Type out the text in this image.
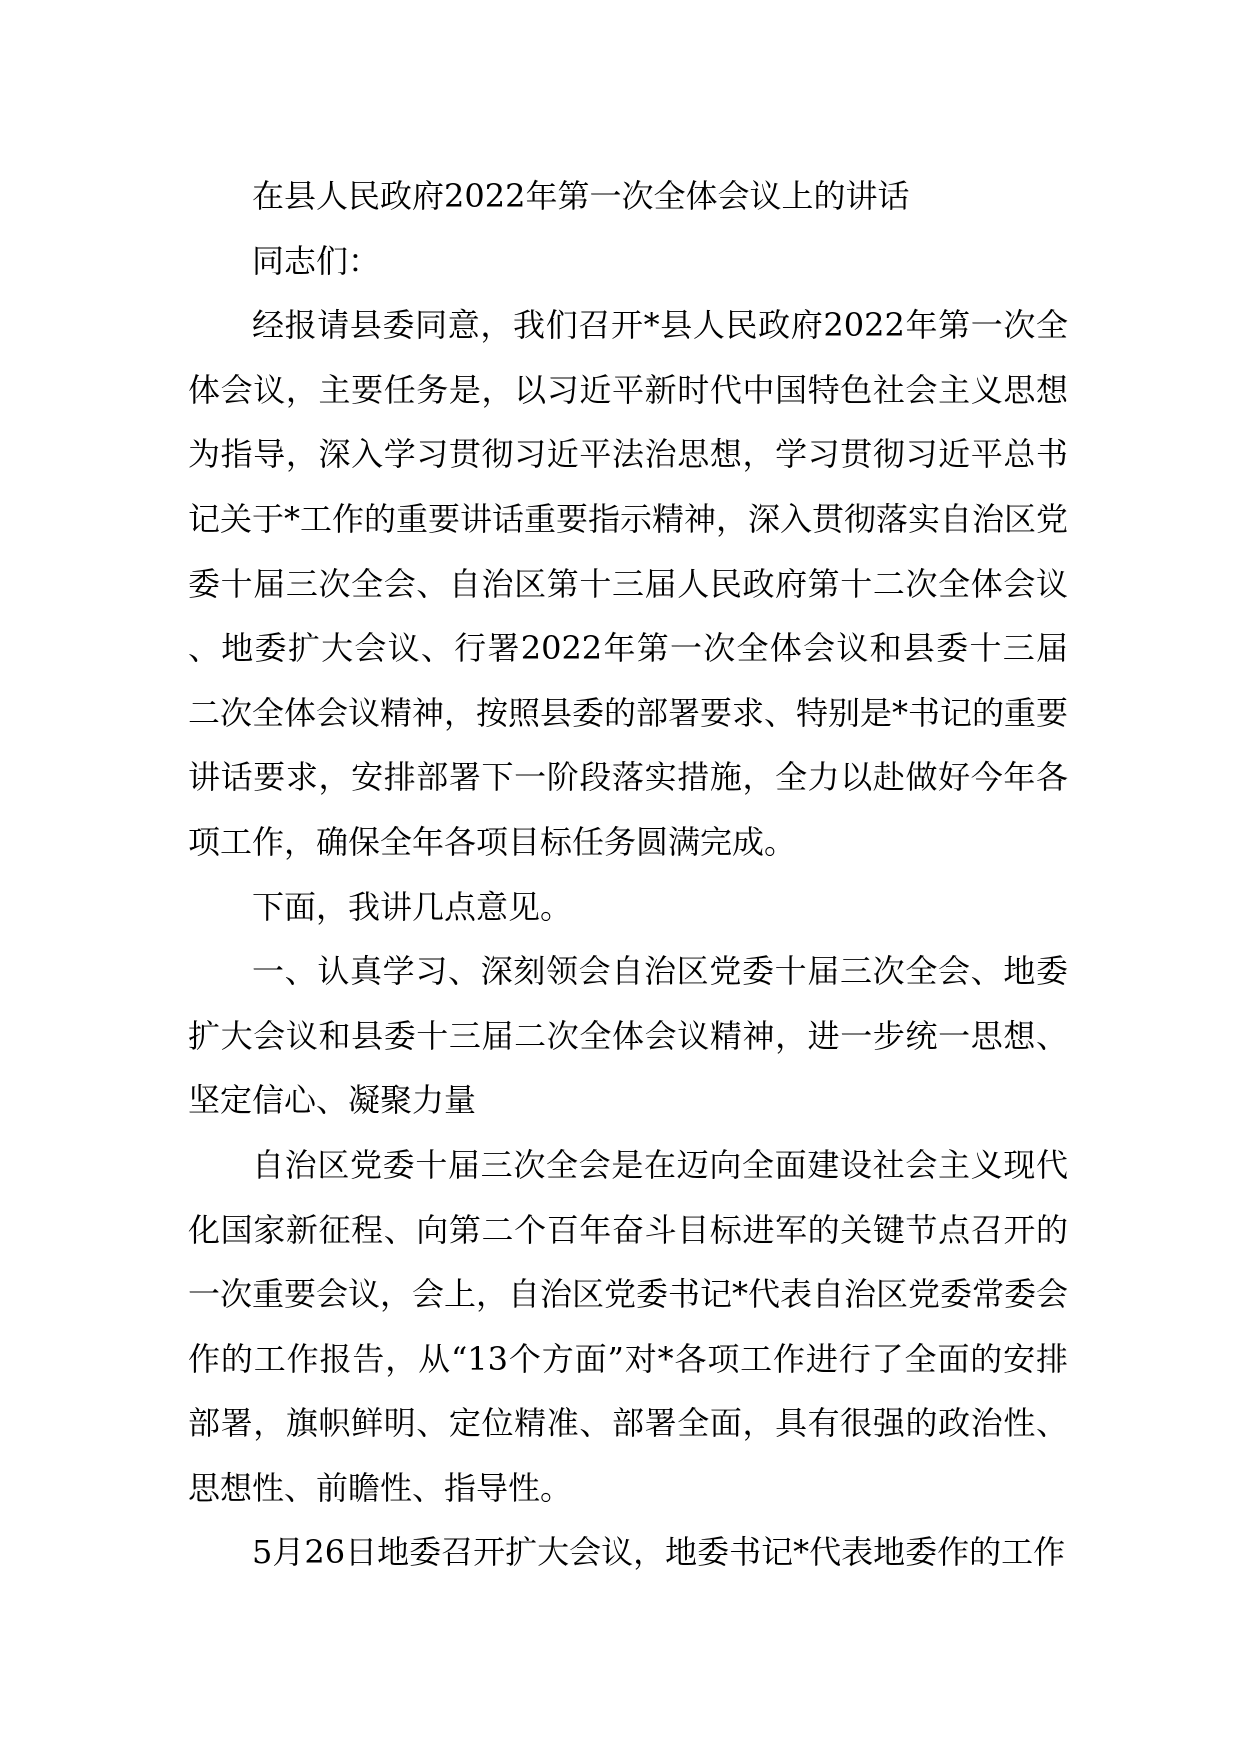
在县人民政府2022年第一次全体会议上的讲话

同志们：

经报请县委同意，我们召开*县人民政府2022年第一次全体会议，主要任务是，以习近平新时代中国特色社会主义思想为指导，深入学习贯彻习近平法治思想，学习贯彻习近平总书记关于*工作的重要讲话重要指示精神，深入贯彻落实自治区党委十届三次全会、自治区第十三届人民政府第十二次全体会议、地委扩大会议、行署2022年第一次全体会议和县委十三届二次全体会议精神，按照县委的部署要求、特别是*书记的重要讲话要求，安排部署下一阶段落实措施，全力以赴做好今年各项工作，确保全年各项目标任务圆满完成。

下面，我讲几点意见。

一、认真学习、深刻领会自治区党委十届三次全会、地委扩大会议和县委十三届二次全体会议精神，进一步统一思想、坚定信心、凝聚力量

自治区党委十届三次全会是在迈向全面建设社会主义现代化国家新征程、向第二个百年奋斗目标进军的关键节点召开的一次重要会议，会上，自治区党委书记*代表自治区党委常委会作的工作报告，从“13个方面”对*各项工作进行了全面的安排部署，旗帜鲜明、定位精准、部署全面，具有很强的政治性、思想性、前瞻性、指导性。

5月26日地委召开扩大会议，地委书记*代表地委作的工作
